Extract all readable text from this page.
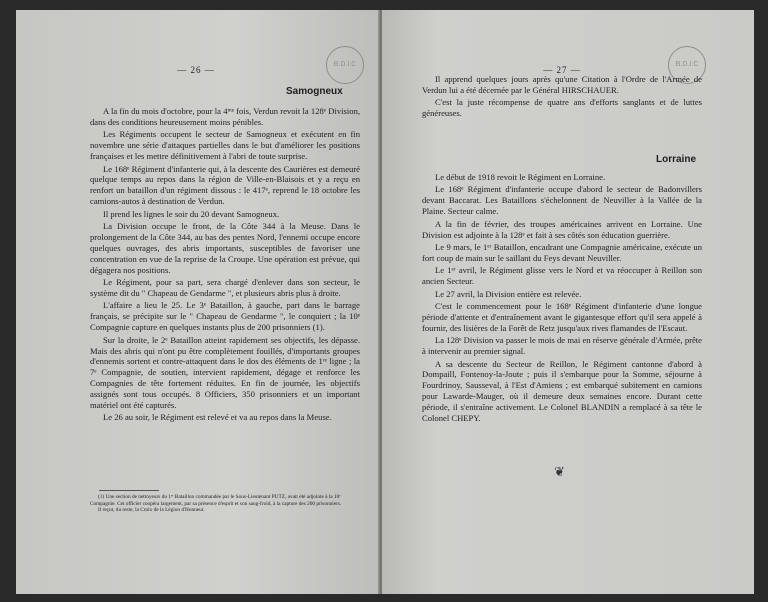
— 26 —
B.D.I.C
Samogneux

A la fin du mois d'octobre, pour la 4ᵐᵉ fois, Verdun revoit la 128ᵉ Division, dans des conditions heureusement moins pénibles.

Les Régiments occupent le secteur de Samogneux et exécutent en fin novembre une série d'attaques partielles dans le but d'améliorer les positions françaises et les mettre définitivement à l'abri de toute surprise.

Le 168ᵉ Régiment d'infanterie qui, à la descente des Caurières est demeuré quelque temps au repos dans la région de Ville-en-Blaisois et y a reçu en renfort un bataillon d'un régiment dissous : le 417ᵉ, reprend le 18 octobre les camions-autos à destination de Verdun.

Il prend les lignes le soir du 20 devant Samogneux.

La Division occupe le front, de la Côte 344 à la Meuse. Dans le prolongement de la Côte 344, au bas des pentes Nord, l'ennemi occupe encore quelques ouvrages, des abris importants, susceptibles de favoriser une concentration en vue de la reprise de la Croupe. Une opération est prévue, qui dégagera nos positions.

Le Régiment, pour sa part, sera chargé d'enlever dans son secteur, le système dit du " Chapeau de Gendarme ", et plusieurs abris plus à droite.

L'affaire a lieu le 25. Le 3ᵉ Bataillon, à gauche, part dans le barrage français, se précipite sur le " Chapeau de Gendarme ", le conquiert ; la 10ᵉ Compagnie capture en quelques instants plus de 200 prisonniers (1).

Sur la droite, le 2ᵉ Bataillon atteint rapidement ses objectifs, les dépasse. Mais des abris qui n'ont pu être complètement fouillés, d'importants groupes d'ennemis sortent et contre-attaquent dans le dos des éléments de 1ʳᵉ ligne ; la 7ᵉ Compagnie, de soutien, intervient rapidement, dégage et renforce les Compagnies de tête fortement réduites. En fin de journée, les objectifs assignés sont tous occupés. 8 Officiers, 350 prisonniers et un important matériel ont été capturés.

Le 26 au soir, le Régiment est relevé et va au repos dans la Meuse.

(1) Une section de nettoyeurs du 1ᵉʳ Bataillon commandée par le Sous-Lieutenant PUTZ, avait été adjointe à la 10ᵉ Compagnie. Cet officier coopéra largement, par sa présence d'esprit et son sang-froid, à la capture des 200 prisonniers.

Il reçut, du reste, la Croix de la Légion d'Honneur.

— 27 —
B.D.I.C

Il apprend quelques jours après qu'une Citation à l'Ordre de l'Armée de Verdun lui a été décernée par le Général HIRSCHAUER.

C'est la juste récompense de quatre ans d'efforts sanglants et de luttes généreuses.

Lorraine

Le début de 1918 revoit le Régiment en Lorraine.

Le 168ᵉ Régiment d'infanterie occupe d'abord le secteur de Badonvillers devant Baccarat. Les Bataillons s'échelonnent de Neuviller à la Vallée de la Plaine. Secteur calme.

A la fin de février, des troupes américaines arrivent en Lorraine. Une Division est adjointe à la 128ᵉ et fait à ses côtés son éducation guerrière.

Le 9 mars, le 1ᵉʳ Bataillon, encadrant une Compagnie américaine, exécute un fort coup de main sur le saillant du Feys devant Neuviller.

Le 1ᵉʳ avril, le Régiment glisse vers le Nord et va réoccuper à Reillon son ancien Secteur.

Le 27 avril, la Division entière est relevée.

C'est le commencement pour le 168ᵉ Régiment d'infanterie d'une longue période d'attente et d'entraînement avant le gigantesque effort qu'il sera appelé à fournir, des lisières de la Forêt de Retz jusqu'aux rives flamandes de l'Escaut.

La 128ᵉ Division va passer le mois de mai en réserve générale d'Armée, prête à intervenir au premier signal.

A sa descente du Secteur de Reillon, le Régiment cantonne d'abord à Dompaill, Fontenoy-la-Joute ; puis il s'embarque pour la Somme, séjourne à Fourdrinoy, Sausseval, à l'Est d'Amiens ; est embarqué subitement en camions pour Lawarde-Mauger, où il demeure deux semaines encore. Durant cette période, il s'entraîne activement. Le Colonel BLANDIN a remplacé à sa tête le Colonel CHEPY.

❦
